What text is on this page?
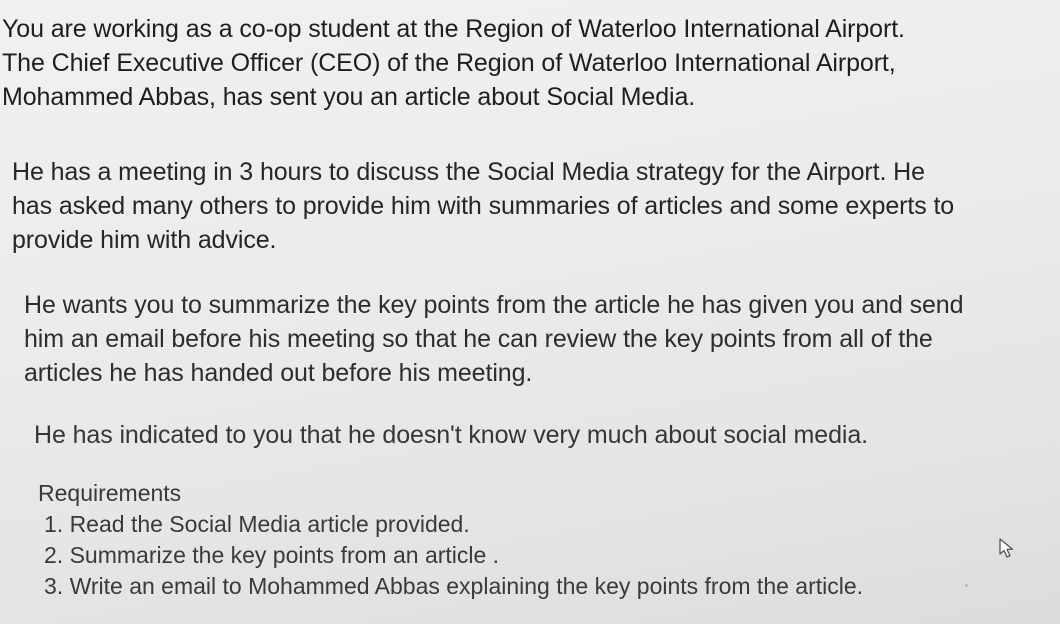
You are working as a co-op student at the Region of Waterloo International Airport.
The Chief Executive Officer (CEO) of the Region of Waterloo International Airport,
Mohammed Abbas, has sent you an article about Social Media.

He has a meeting in 3 hours to discuss the Social Media strategy for the Airport. He
has asked many others to provide him with summaries of articles and some experts to
provide him with advice.

He wants you to summarize the key points from the article he has given you and send
him an email before his meeting so that he can review the key points from all of the
articles he has handed out before his meeting.

He has indicated to you that he doesn't know very much about social media.

Requirements

1. Read the Social Media article provided.
2. Summarize the key points from an article .
3. Write an email to Mohammed Abbas explaining the key points from the article.
